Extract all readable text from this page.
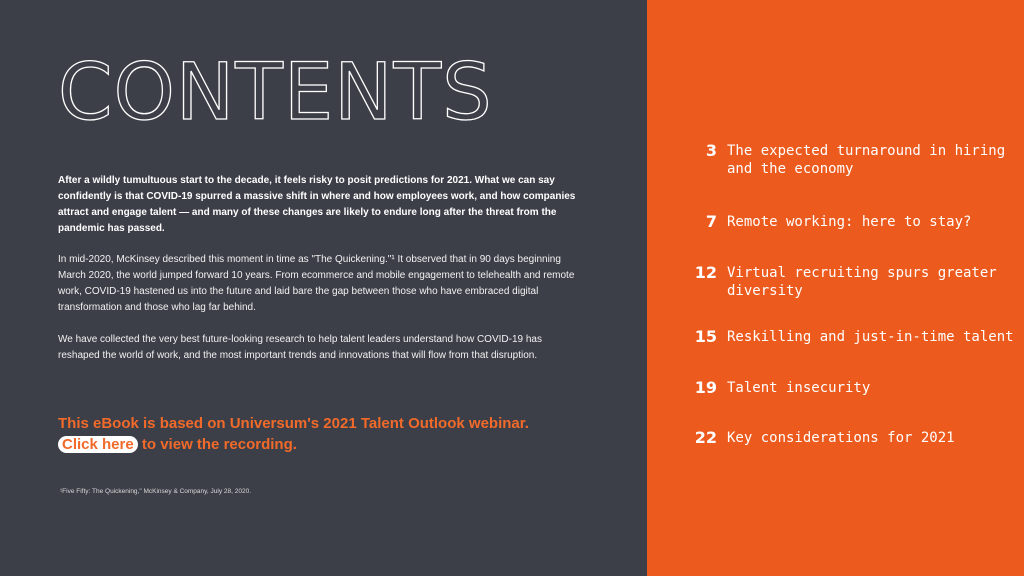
CONTENTS

After a wildly tumultuous start to the decade, it feels risky to posit predictions for 2021. What we can say confidently is that COVID-19 spurred a massive shift in where and how employees work, and how companies attract and engage talent — and many of these changes are likely to endure long after the threat from the pandemic has passed.

In mid-2020, McKinsey described this moment in time as "The Quickening."¹ It observed that in 90 days beginning March 2020, the world jumped forward 10 years. From ecommerce and mobile engagement to telehealth and remote work, COVID-19 hastened us into the future and laid bare the gap between those who have embraced digital transformation and those who lag far behind.

We have collected the very best future-looking research to help talent leaders understand how COVID-19 has reshaped the world of work, and the most important trends and innovations that will flow from that disruption.

This eBook is based on Universum's 2021 Talent Outlook webinar.
Click here to view the recording.
¹Five Fifty: The Quickening," McKinsey & Company, July 28, 2020.
3 The expected turnaround in hiring and the economy
7 Remote working: here to stay?
12 Virtual recruiting spurs greater diversity
15 Reskilling and just-in-time talent
19 Talent insecurity
22 Key considerations for 2021
